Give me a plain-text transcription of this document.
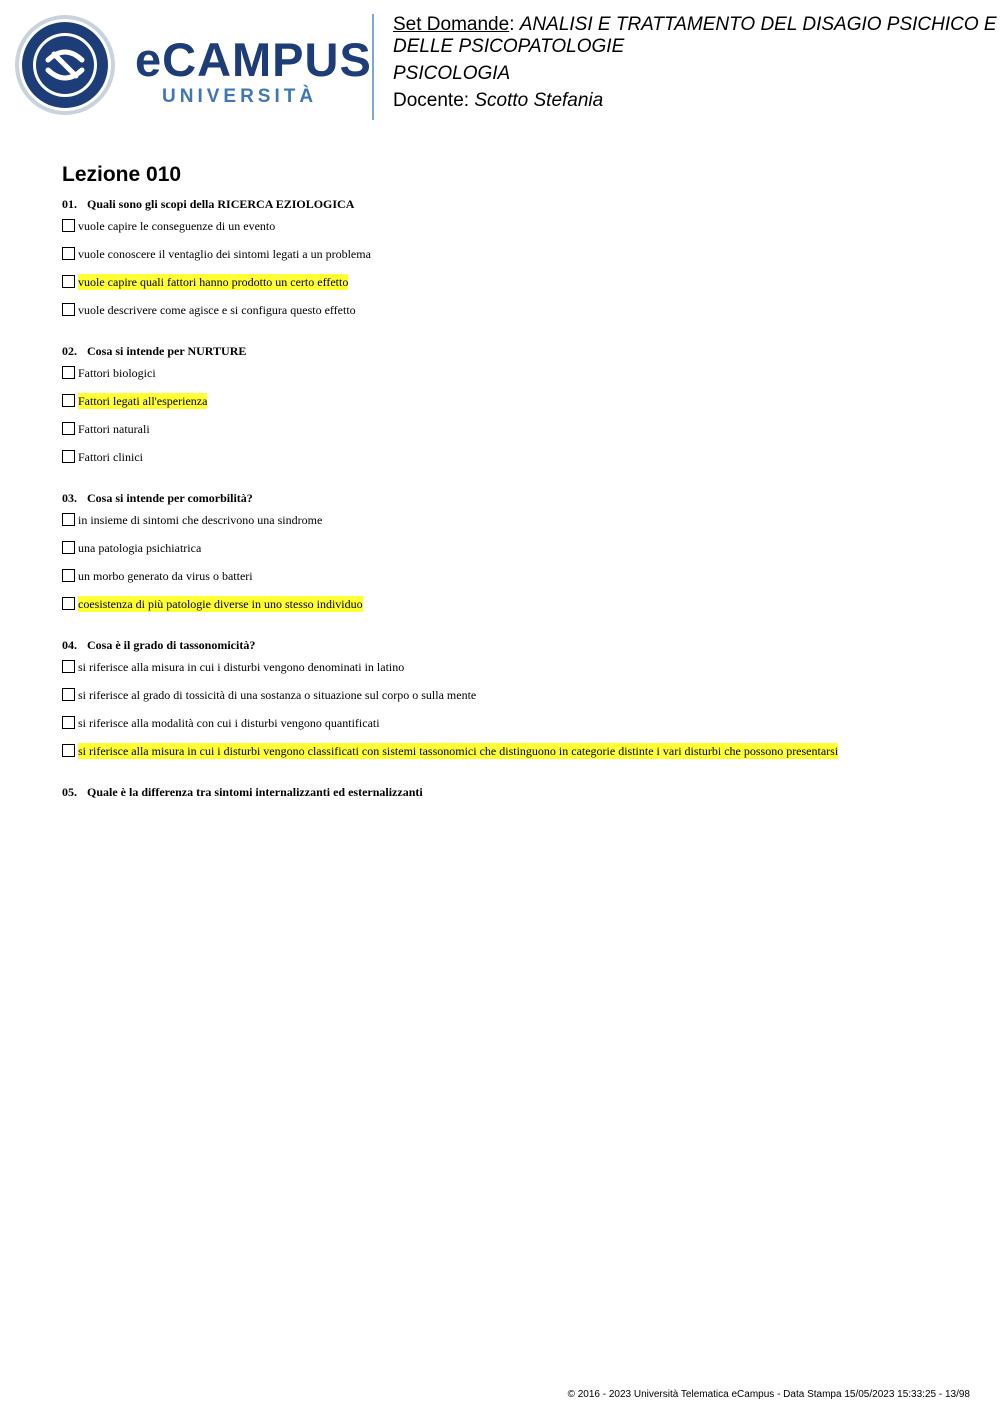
eCAMPUS
UNIVERSITÀ

Set Domande: ANALISI E TRATTAMENTO DEL DISAGIO PSICHICO E
DELLE PSICOPATOLOGIE

PSICOLOGIA

Docente: Scotto Stefania

Lezione 010
01. Quali sono gli scopi della RICERCA EZIOLOGICA
vuole capire le conseguenze di un evento
vuole conoscere il ventaglio dei sintomi legati a un problema
vuole capire quali fattori hanno prodotto un certo effetto
vuole descrivere come agisce e si configura questo effetto
02. Cosa si intende per NURTURE
Fattori biologici
Fattori legati all'esperienza
Fattori naturali
Fattori clinici
03. Cosa si intende per comorbilità?
in insieme di sintomi che descrivono una sindrome
una patologia psichiatrica
un morbo generato da virus o batteri
coesistenza di più patologie diverse in uno stesso individuo
04. Cosa è il grado di tassonomicità?
si riferisce alla misura in cui i disturbi vengono denominati in latino
si riferisce al grado di tossicità di una sostanza o situazione sul corpo o sulla mente
si riferisce alla modalità con cui i disturbi vengono quantificati
si riferisce alla misura in cui i disturbi vengono classificati con sistemi tassonomici che distinguono in categorie distinte i vari disturbi che possono presentarsi
05. Quale è la differenza tra sintomi internalizzanti ed esternalizzanti
© 2016 - 2023 Università Telematica eCampus - Data Stampa 15/05/2023 15:33:25 - 13/98
